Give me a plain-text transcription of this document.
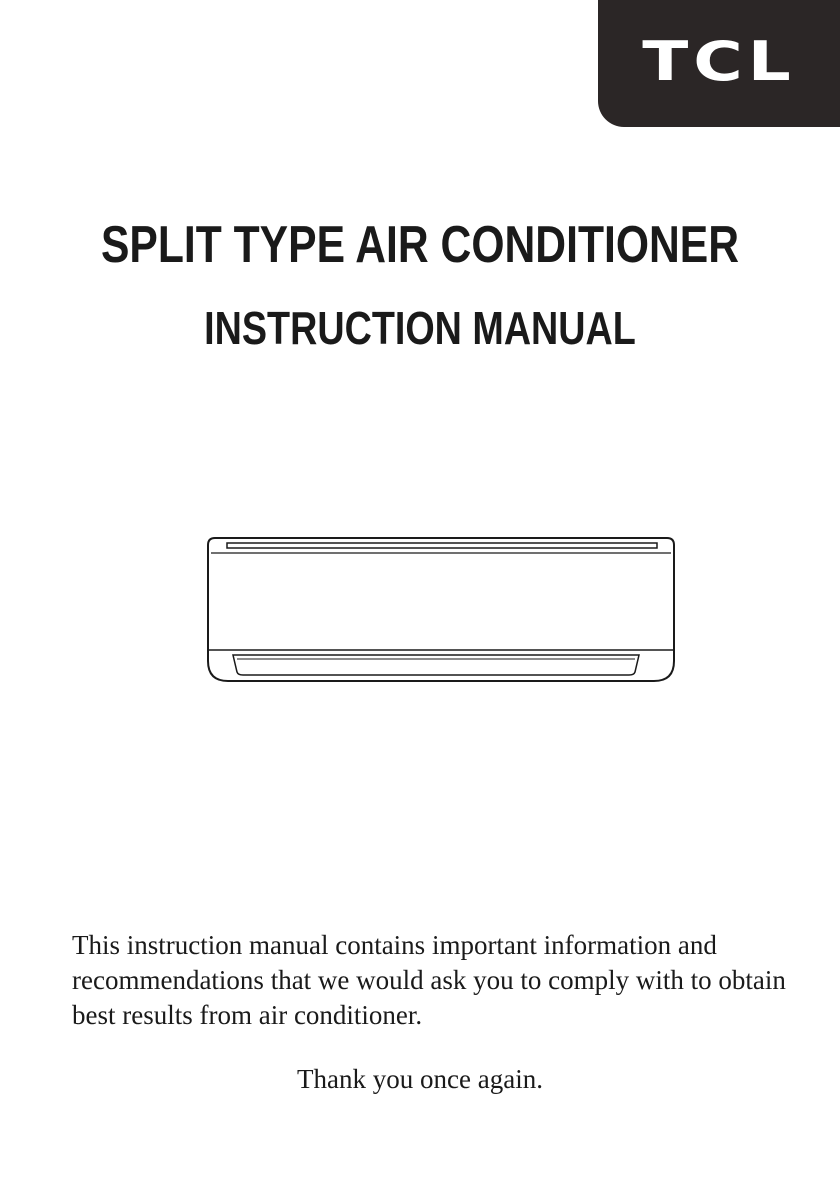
TCL
SPLIT TYPE AIR CONDITIONER
INSTRUCTION MANUAL

This instruction manual contains important information and recommendations that we would ask you to comply with to obtain best results from air conditioner.

Thank you once again.
